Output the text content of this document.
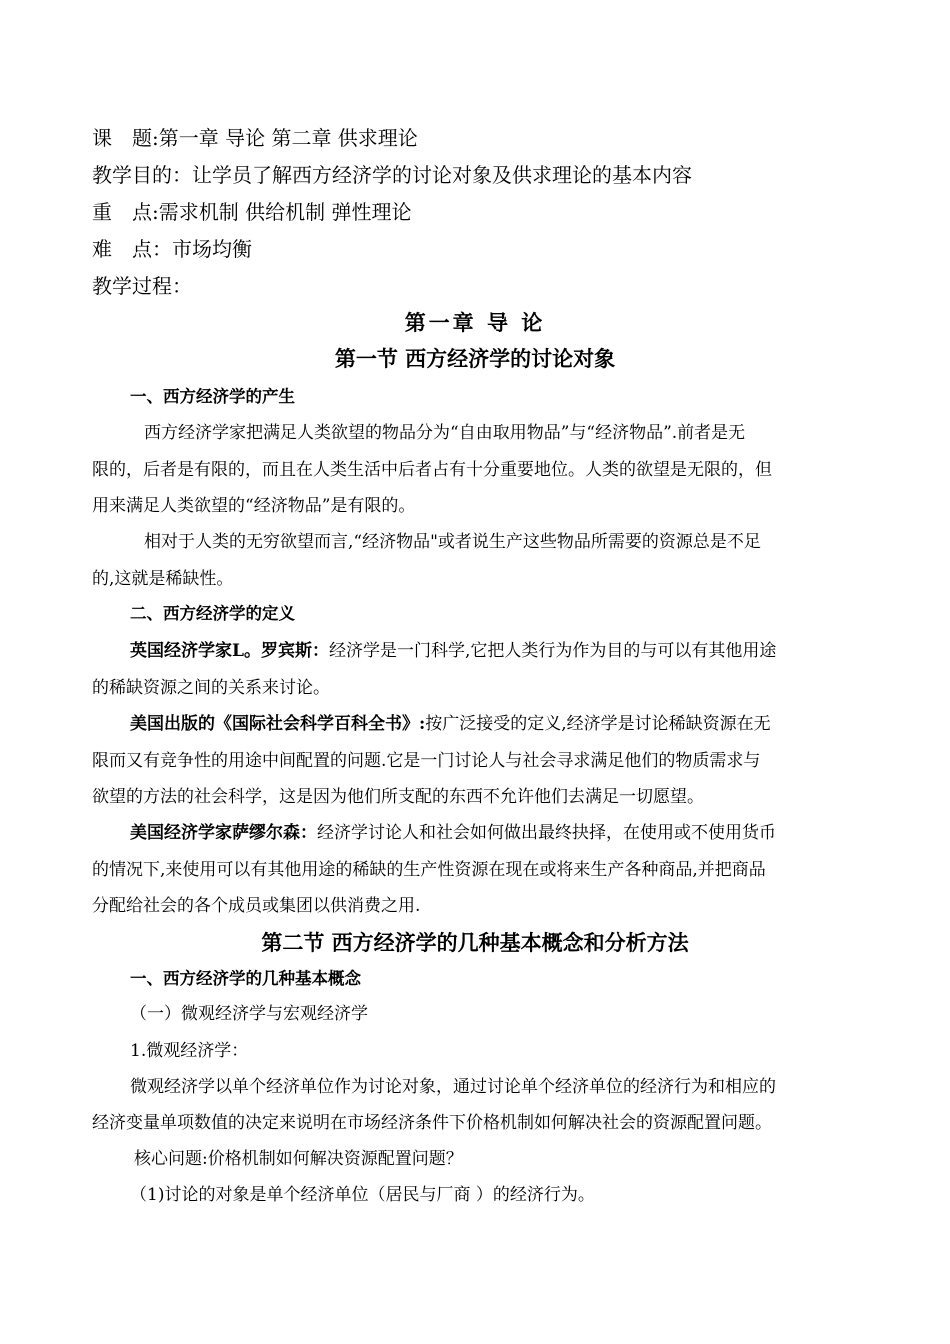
课　题:第一章 导论 第二章 供求理论
教学目的：让学员了解西方经济学的讨论对象及供求理论的基本内容
重　点:需求机制 供给机制 弹性理论
难　点：市场均衡
教学过程：
第一章 导 论
第一节 西方经济学的讨论对象
一、西方经济学的产生
西方经济学家把满足人类欲望的物品分为“自由取用物品”与“经济物品”.前者是无
限的，后者是有限的，而且在人类生活中后者占有十分重要地位。人类的欲望是无限的，但
用来满足人类欲望的“经济物品”是有限的。
相对于人类的无穷欲望而言,“经济物品"或者说生产这些物品所需要的资源总是不足
的,这就是稀缺性。
二、西方经济学的定义
英国经济学家L。罗宾斯：经济学是一门科学,它把人类行为作为目的与可以有其他用途
的稀缺资源之间的关系来讨论。
美国出版的《国际社会科学百科全书》:按广泛接受的定义,经济学是讨论稀缺资源在无
限而又有竞争性的用途中间配置的问题.它是一门讨论人与社会寻求满足他们的物质需求与
欲望的方法的社会科学，这是因为他们所支配的东西不允许他们去满足一切愿望。
美国经济学家萨缪尔森：经济学讨论人和社会如何做出最终抉择，在使用或不使用货币
的情况下,来使用可以有其他用途的稀缺的生产性资源在现在或将来生产各种商品,并把商品
分配给社会的各个成员或集团以供消费之用.
第二节 西方经济学的几种基本概念和分析方法
一、西方经济学的几种基本概念
（一）微观经济学与宏观经济学
1.微观经济学：
微观经济学以单个经济单位作为讨论对象，通过讨论单个经济单位的经济行为和相应的
经济变量单项数值的决定来说明在市场经济条件下价格机制如何解决社会的资源配置问题。
核心问题:价格机制如何解决资源配置问题？
（1)讨论的对象是单个经济单位（居民与厂商 ）的经济行为。
